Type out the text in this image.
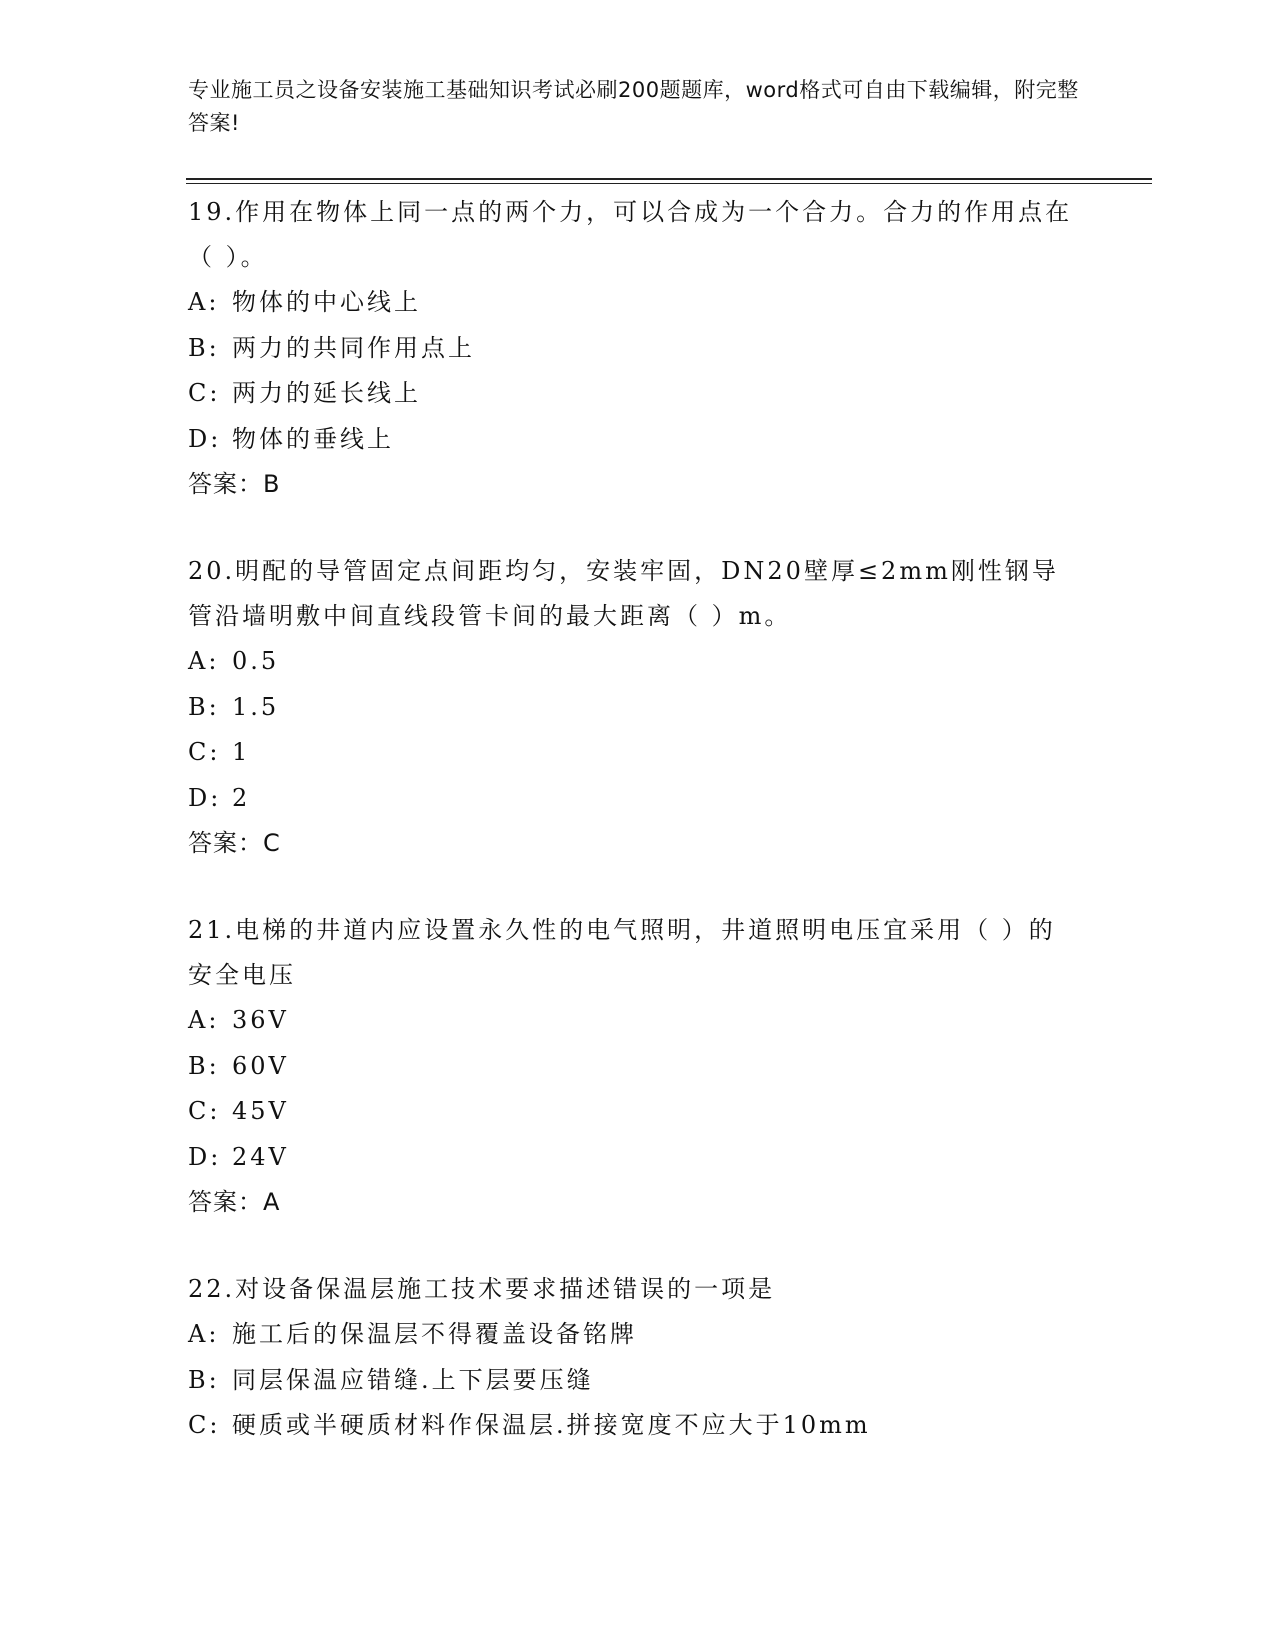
专业施工员之设备安装施工基础知识考试必刷200题题库，word格式可自由下载编辑，附完整答案!
19.作用在物体上同一点的两个力，可以合成为一个合力。合力的作用点在（ ）。
A: 物体的中心线上
B: 两力的共同作用点上
C: 两力的延长线上
D: 物体的垂线上
答案：B
20.明配的导管固定点间距均匀，安装牢固，DN20壁厚≤2mm刚性钢导管沿墙明敷中间直线段管卡间的最大距离（ ）m。
A: 0.5
B: 1.5
C: 1
D: 2
答案：C
21.电梯的井道内应设置永久性的电气照明，井道照明电压宜采用（ ）的安全电压
A: 36V
B: 60V
C: 45V
D: 24V
答案：A
22.对设备保温层施工技术要求描述错误的一项是
A: 施工后的保温层不得覆盖设备铭牌
B: 同层保温应错缝.上下层要压缝
C: 硬质或半硬质材料作保温层.拼接宽度不应大于10mm
